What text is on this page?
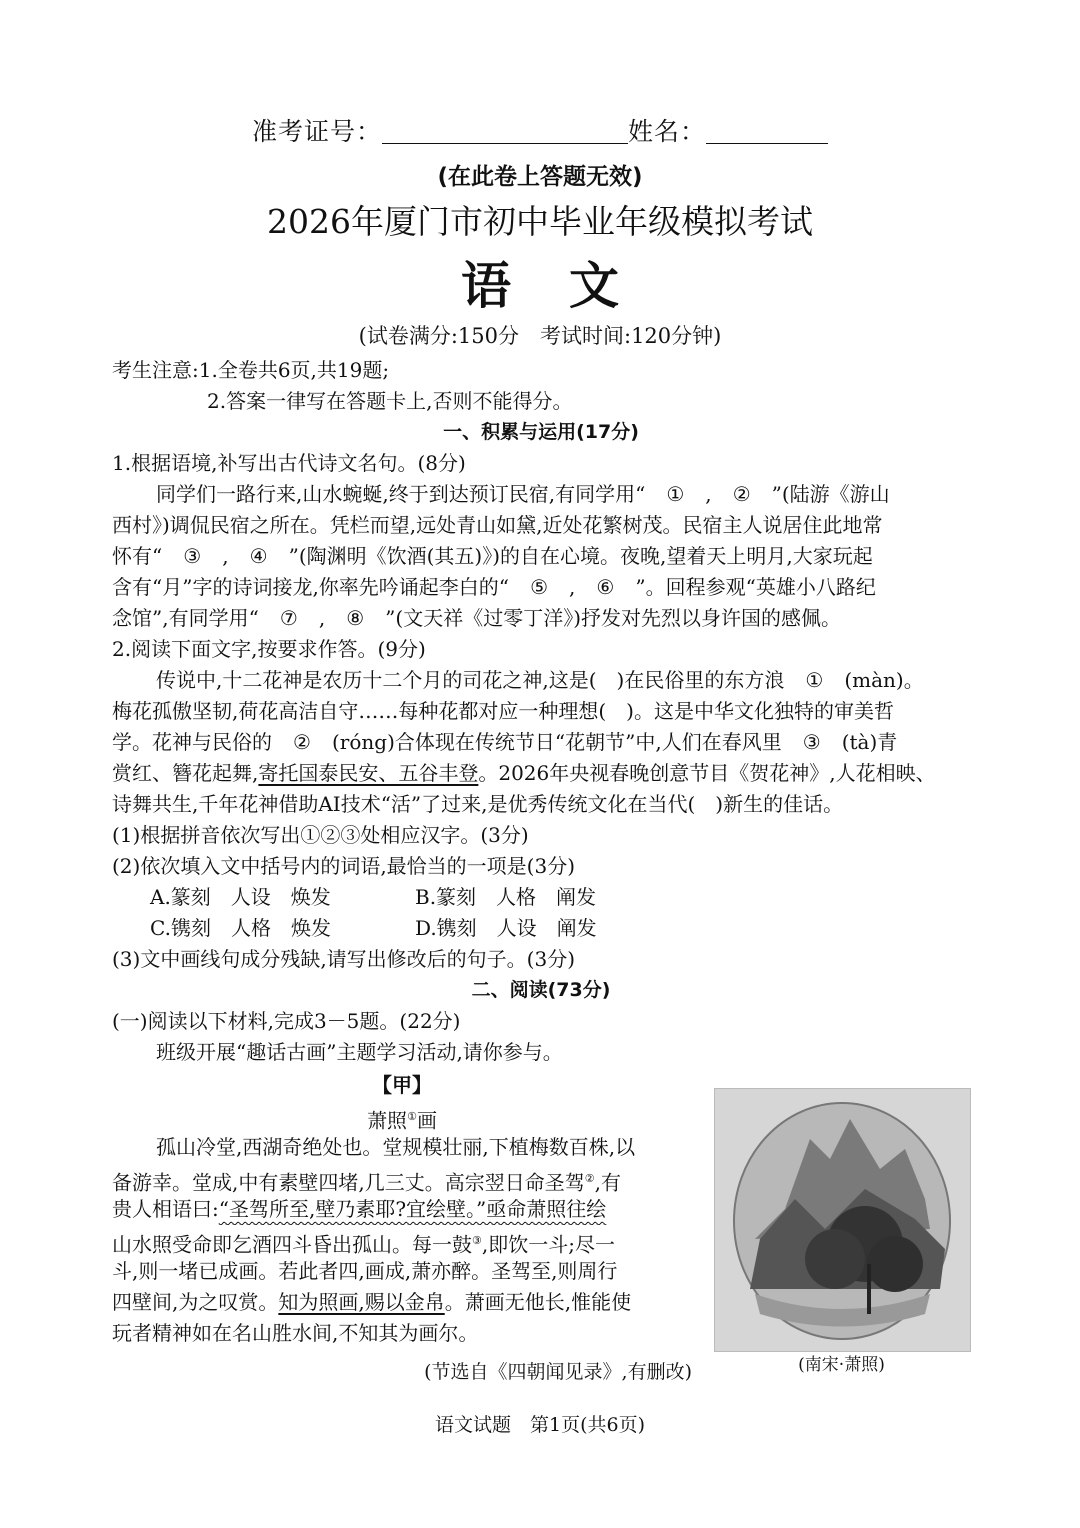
准考证号：	姓名：
(在此卷上答题无效)
2026年厦门市初中毕业年级模拟考试
语文
(试卷满分:150分　考试时间:120分钟)
考生注意:1.全卷共6页,共19题;
2.答案一律写在答题卡上,否则不能得分。
一、积累与运用(17分)
1.根据语境,补写出古代诗文名句。(8分)
同学们一路行来,山水蜿蜒,终于到达预订民宿,有同学用“ ① , ② ”(陆游《游山
西村》)调侃民宿之所在。凭栏而望,远处青山如黛,近处花繁树茂。民宿主人说居住此地常
怀有“ ③ , ④ ”(陶渊明《饮酒(其五)》)的自在心境。夜晚,望着天上明月,大家玩起
含有“月”字的诗词接龙,你率先吟诵起李白的“ ⑤ , ⑥ ”。回程参观“英雄小八路纪
念馆”,有同学用“ ⑦ , ⑧ ”(文天祥《过零丁洋》)抒发对先烈以身许国的感佩。
2.阅读下面文字,按要求作答。(9分)
传说中,十二花神是农历十二个月的司花之神,这是(　)在民俗里的东方浪 ① (màn)。
梅花孤傲坚韧,荷花高洁自守……每种花都对应一种理想(　)。这是中华文化独特的审美哲
学。花神与民俗的 ② (róng)合体现在传统节日“花朝节”中,人们在春风里 ③ (tà)青
赏红、簪花起舞,寄托国泰民安、五谷丰登。2026年央视春晚创意节目《贺花神》,人花相映、
诗舞共生,千年花神借助AI技术“活”了过来,是优秀传统文化在当代(　)新生的佳话。
(1)根据拼音依次写出①②③处相应汉字。(3分)
(2)依次填入文中括号内的词语,最恰当的一项是(3分)
A.篆刻　人设　焕发	B.篆刻　人格　阐发
C.镌刻　人格　焕发	D.镌刻　人设　阐发
(3)文中画线句成分残缺,请写出修改后的句子。(3分)
二、阅读(73分)
(一)阅读以下材料,完成3－5题。(22分)
班级开展“趣话古画”主题学习活动,请你参与。
【甲】
萧照①画
孤山冷堂,西湖奇绝处也。堂规模壮丽,下植梅数百株,以
备游幸。堂成,中有素壁四堵,几三丈。高宗翌日命圣驾②,有
贵人相语曰:“圣驾所至,壁乃素耶?宜绘壁。”亟命萧照往绘
山水照受命即乞酒四斗昏出孤山。每一鼓③,即饮一斗;尽一
斗,则一堵已成画。若此者四,画成,萧亦醉。圣驾至,则周行
四壁间,为之叹赏。知为照画,赐以金帛。萧画无他长,惟能使
玩者精神如在名山胜水间,不知其为画尔。
(南宋·萧照)
(节选自《四朝闻见录》,有删改)
语文试题　第1页(共6页)
